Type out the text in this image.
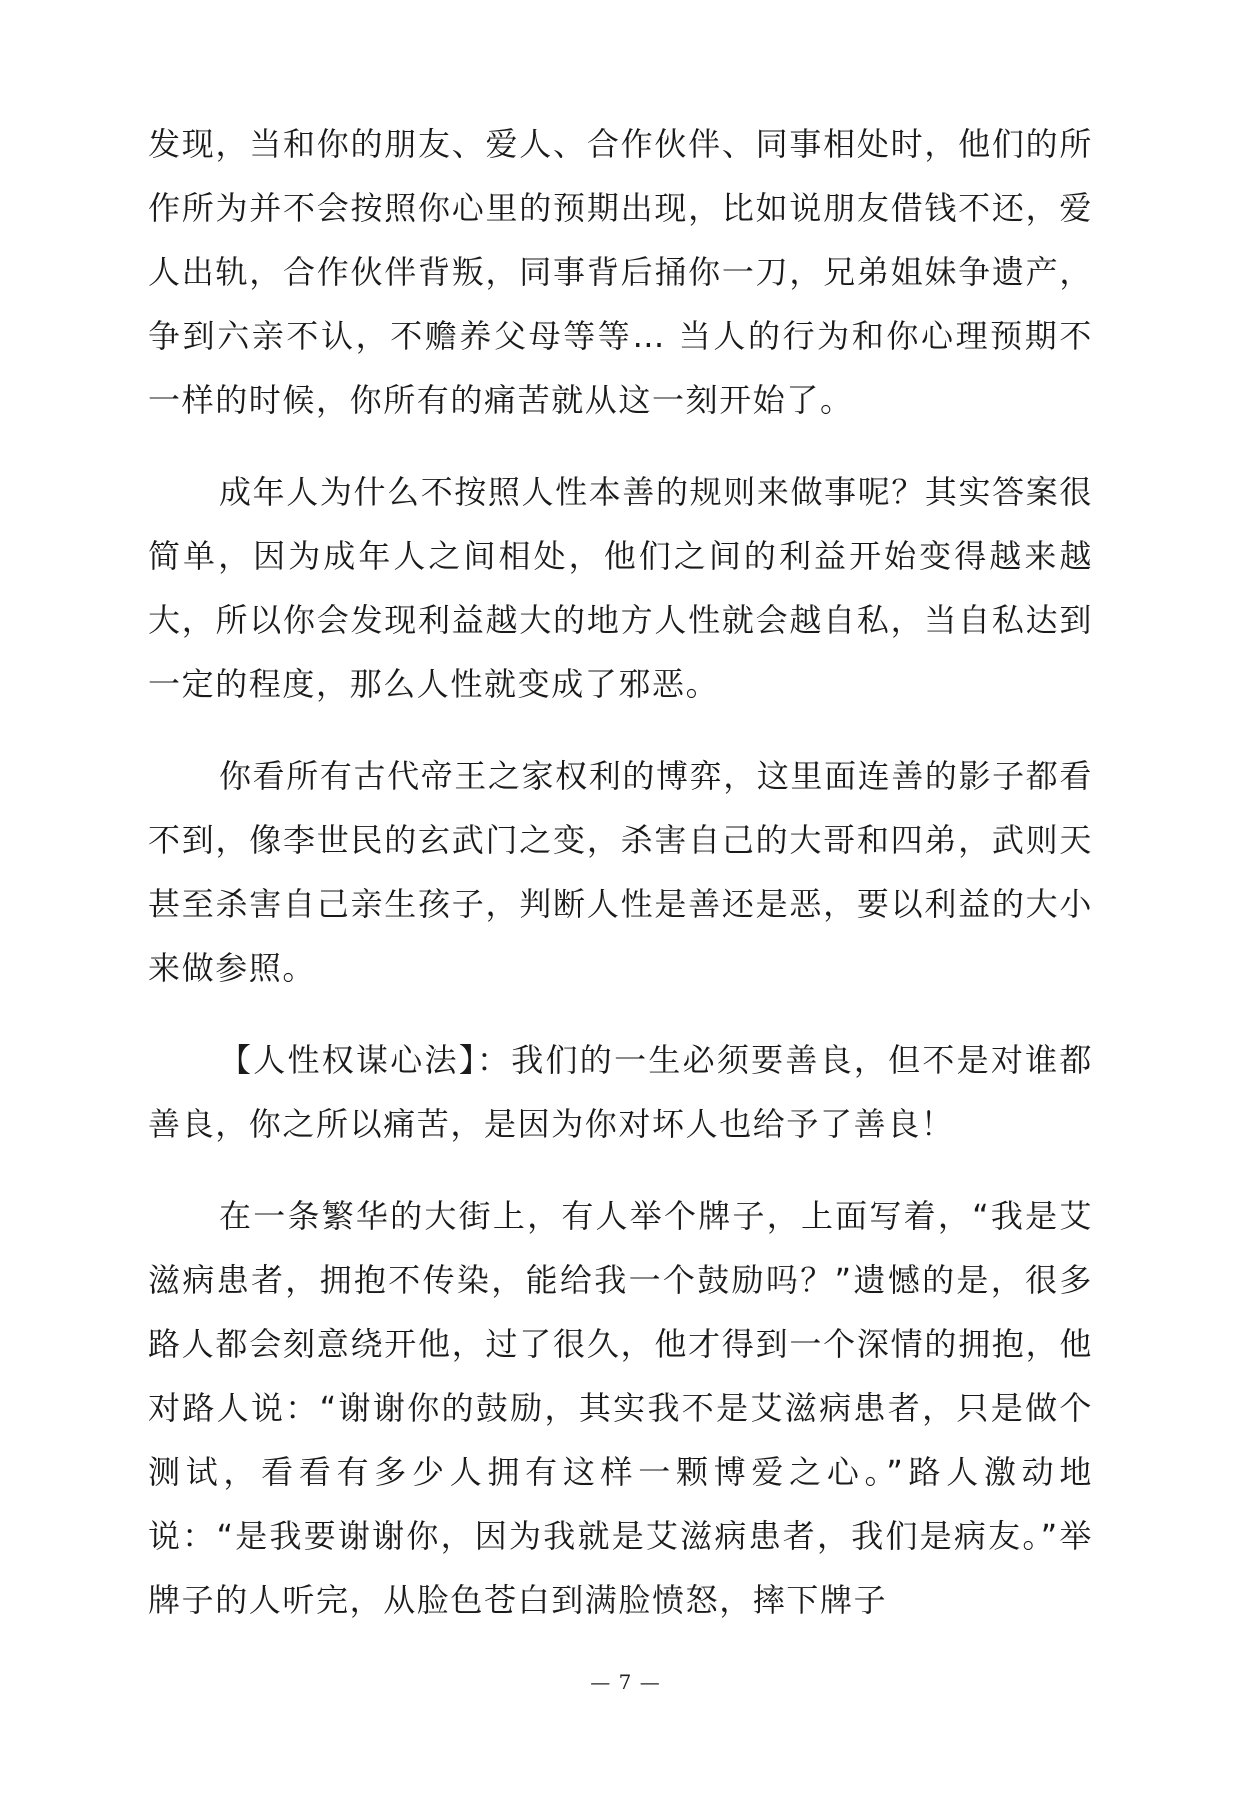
发现，当和你的朋友、爱人、合作伙伴、同事相处时，他们的所作所为并不会按照你心里的预期出现，比如说朋友借钱不还，爱人出轨，合作伙伴背叛，同事背后捅你一刀，兄弟姐妹争遗产，争到六亲不认，不赡养父母等等… 当人的行为和你心理预期不一样的时候，你所有的痛苦就从这一刻开始了。

成年人为什么不按照人性本善的规则来做事呢？其实答案很简单，因为成年人之间相处，他们之间的利益开始变得越来越大，所以你会发现利益越大的地方人性就会越自私，当自私达到一定的程度，那么人性就变成了邪恶。

你看所有古代帝王之家权利的博弈，这里面连善的影子都看不到，像李世民的玄武门之变，杀害自己的大哥和四弟，武则天甚至杀害自己亲生孩子，判断人性是善还是恶，要以利益的大小来做参照。

【人性权谋心法】：我们的一生必须要善良，但不是对谁都善良，你之所以痛苦，是因为你对坏人也给予了善良！

在一条繁华的大街上，有人举个牌子，上面写着，“我是艾滋病患者，拥抱不传染，能给我一个鼓励吗？”遗憾的是，很多路人都会刻意绕开他，过了很久，他才得到一个深情的拥抱，他对路人说：“谢谢你的鼓励，其实我不是艾滋病患者，只是做个测试，看看有多少人拥有这样一颗博爱之心。”路人激动地说：“是我要谢谢你，因为我就是艾滋病患者，我们是病友。”举牌子的人听完，从脸色苍白到满脸愤怒，摔下牌子

— 7 —
